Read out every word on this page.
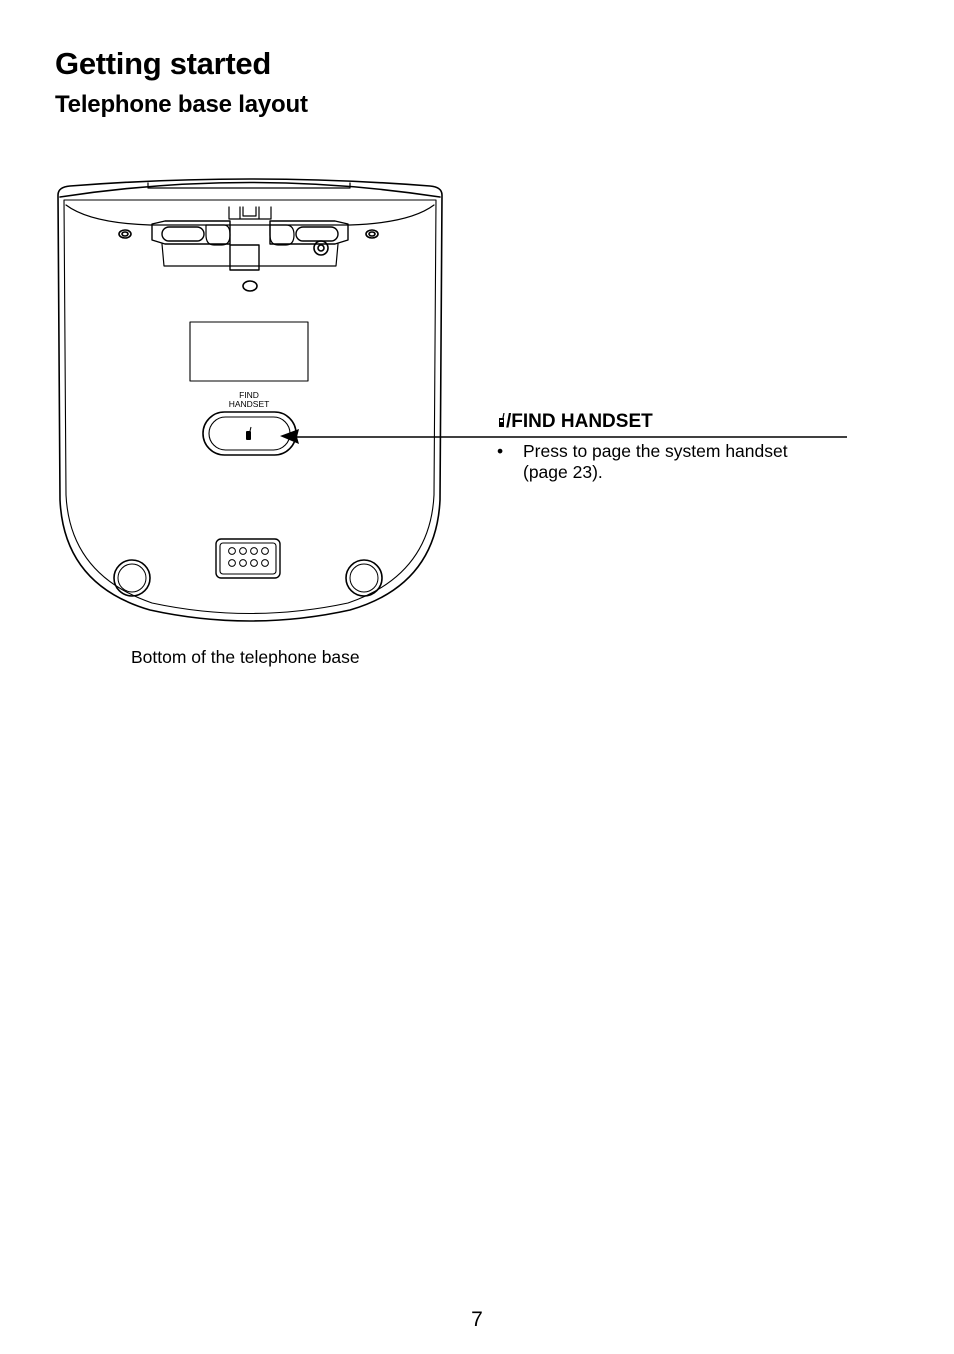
Getting started
Telephone base layout
FIND
HANDSET
/FIND HANDSET
• Press to page the system handset (page 23).
Bottom of the telephone base
7
